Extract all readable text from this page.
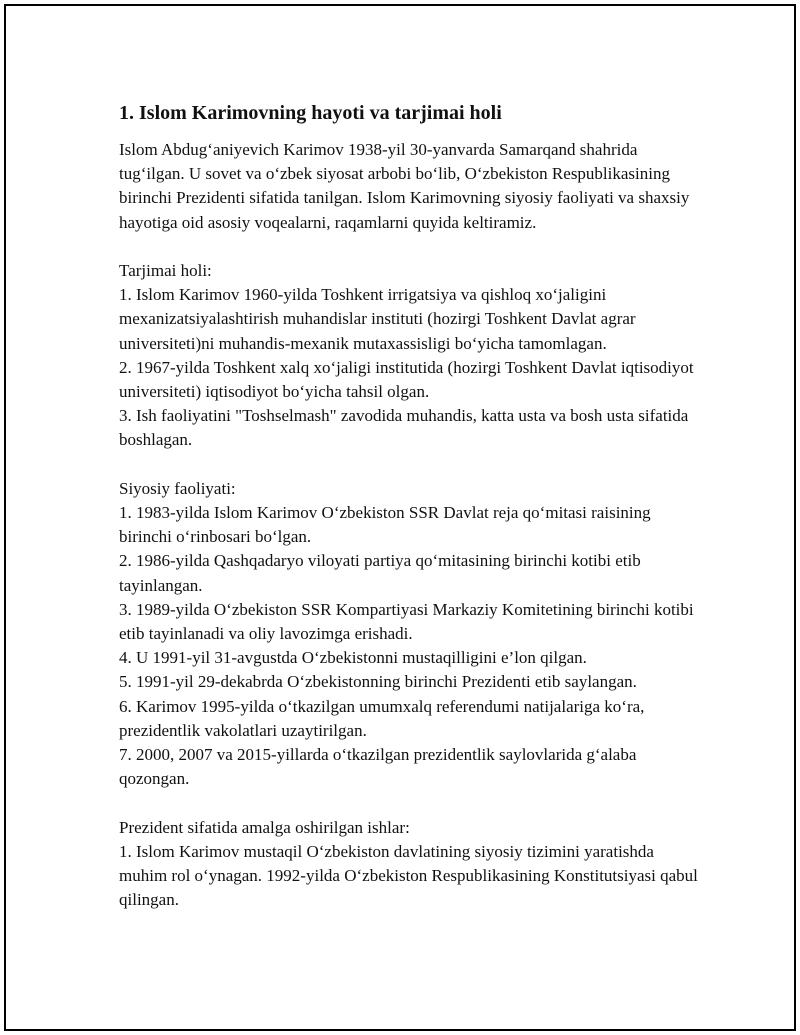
1. Islom Karimovning hayoti va tarjimai holi

Islom Abdugʻaniyevich Karimov 1938-yil 30-yanvarda Samarqand shahrida tugʻilgan. U sovet va oʻzbek siyosat arbobi boʻlib, Oʻzbekiston Respublikasining birinchi Prezidenti sifatida tanilgan. Islom Karimovning siyosiy faoliyati va shaxsiy hayotiga oid asosiy voqealarni, raqamlarni quyida keltiramiz.

Tarjimai holi:

1. Islom Karimov 1960-yilda Toshkent irrigatsiya va qishloq xoʻjaligini mexanizatsiyalashtirish muhandislar instituti (hozirgi Toshkent Davlat agrar universiteti)ni muhandis-mexanik mutaxassisligi boʻyicha tamomlagan.
2. 1967-yilda Toshkent xalq xoʻjaligi institutida (hozirgi Toshkent Davlat iqtisodiyot universiteti) iqtisodiyot boʻyicha tahsil olgan.
3. Ish faoliyatini "Toshselmash" zavodida muhandis, katta usta va bosh usta sifatida boshlagan.

Siyosiy faoliyati:

1. 1983-yilda Islom Karimov Oʻzbekiston SSR Davlat reja qoʻmitasi raisining birinchi oʻrinbosari boʻlgan.
2. 1986-yilda Qashqadaryo viloyati partiya qoʻmitasining birinchi kotibi etib tayinlangan.
3. 1989-yilda Oʻzbekiston SSR Kompartiyasi Markaziy Komitetining birinchi kotibi etib tayinlanadi va oliy lavozimga erishadi.
4. U 1991-yil 31-avgustda Oʻzbekistonni mustaqilligini e’lon qilgan.
5. 1991-yil 29-dekabrda Oʻzbekistonning birinchi Prezidenti etib saylangan.
6. Karimov 1995-yilda oʻtkazilgan umumxalq referendumi natijalariga koʻra, prezidentlik vakolatlari uzaytirilgan.
7. 2000, 2007 va 2015-yillarda oʻtkazilgan prezidentlik saylovlarida gʻalaba qozongan.

Prezident sifatida amalga oshirilgan ishlar:

1. Islom Karimov mustaqil Oʻzbekiston davlatining siyosiy tizimini yaratishda muhim rol oʻynagan. 1992-yilda Oʻzbekiston Respublikasining Konstitutsiyasi qabul qilingan.
